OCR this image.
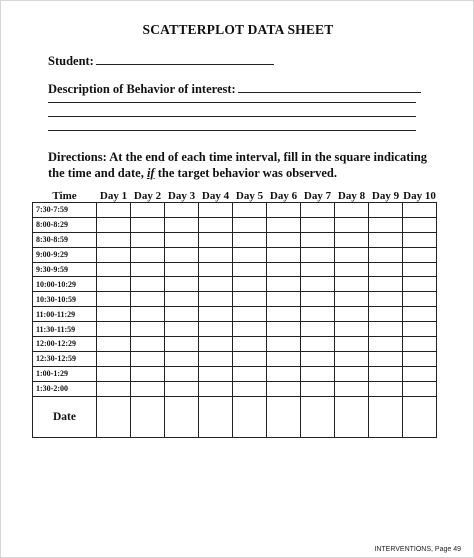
SCATTERPLOT DATA SHEET
Student:
Description of Behavior of interest:
Directions: At the end of each time interval, fill in the square indicating the time and date, if the target behavior was observed.
Time	Day 1	Day 2	Day 3	Day 4	Day 5	Day 6	Day 7	Day 8	Day 9	Day 10
7:30-7:59										
8:00-8:29										
8:30-8:59										
9:00-9:29										
9:30-9:59										
10:00-10:29										
10:30-10:59										
11:00-11:29										
11:30-11:59										
12:00-12:29										
12:30-12:59										
1:00-1:29										
1:30-2:00										
Date										
INTERVENTIONS, Page 49
